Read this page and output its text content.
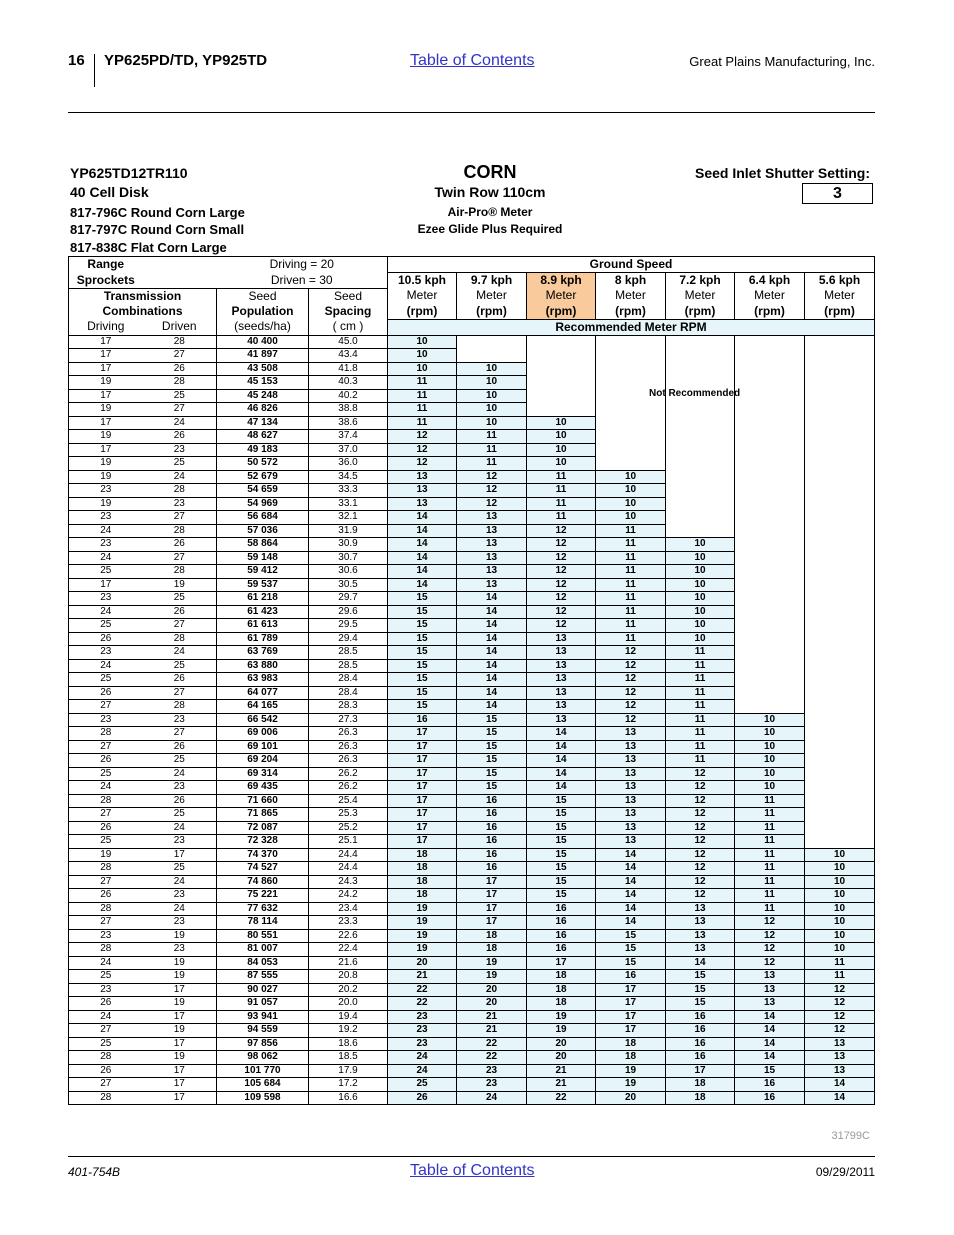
16 YP625PD/TD, YP925TD	Table of Contents	Great Plains Manufacturing, Inc.
YP625TD12TR110
40 Cell Disk
817-796C Round Corn Large
817-797C Round Corn Small
817-838C Flat Corn Large
CORN
Twin Row 110cm
Air-Pro® Meter
Ezee Glide Plus Required
Seed Inlet Shutter Setting:
3
Range		Driving = 20		Ground Speed						
Sprockets		Driven = 30		10.5 kph	9.7 kph	8.9 kph	8 kph	7.2 kph	6.4 kph	5.6 kph
Transmission		Seed	Seed	Meter	Meter	Meter	Meter	Meter	Meter	Meter
Combinations		Population	Spacing	(rpm)	(rpm)	(rpm)	(rpm)	(rpm)	(rpm)	(rpm)
Driving	Driven	(seeds/ha)	( cm )	Recommended Meter RPM						
17	28	40 400	45.0	10						
17	27	41 897	43.4	10						
17	26	43 508	41.8	10	10					
19	28	45 153	40.3	11	10					
17	25	45 248	40.2	11	10					
19	27	46 826	38.8	11	10					
17	24	47 134	38.6	11	10	10				
19	26	48 627	37.4	12	11	10				
17	23	49 183	37.0	12	11	10				
19	25	50 572	36.0	12	11	10				
19	24	52 679	34.5	13	12	11	10			
23	28	54 659	33.3	13	12	11	10			
19	23	54 969	33.1	13	12	11	10			
23	27	56 684	32.1	14	13	11	10			
24	28	57 036	31.9	14	13	12	11			
23	26	58 864	30.9	14	13	12	11	10		
24	27	59 148	30.7	14	13	12	11	10		
25	28	59 412	30.6	14	13	12	11	10		
17	19	59 537	30.5	14	13	12	11	10		
23	25	61 218	29.7	15	14	12	11	10		
24	26	61 423	29.6	15	14	12	11	10		
25	27	61 613	29.5	15	14	12	11	10		
26	28	61 789	29.4	15	14	13	11	10		
23	24	63 769	28.5	15	14	13	12	11		
24	25	63 880	28.5	15	14	13	12	11		
25	26	63 983	28.4	15	14	13	12	11		
26	27	64 077	28.4	15	14	13	12	11		
27	28	64 165	28.3	15	14	13	12	11		
23	23	66 542	27.3	16	15	13	12	11	10	
28	27	69 006	26.3	17	15	14	13	11	10	
27	26	69 101	26.3	17	15	14	13	11	10	
26	25	69 204	26.3	17	15	14	13	11	10	
25	24	69 314	26.2	17	15	14	13	12	10	
24	23	69 435	26.2	17	15	14	13	12	10	
28	26	71 660	25.4	17	16	15	13	12	11	
27	25	71 865	25.3	17	16	15	13	12	11	
26	24	72 087	25.2	17	16	15	13	12	11	
25	23	72 328	25.1	17	16	15	13	12	11	
19	17	74 370	24.4	18	16	15	14	12	11	10
28	25	74 527	24.4	18	16	15	14	12	11	10
27	24	74 860	24.3	18	17	15	14	12	11	10
26	23	75 221	24.2	18	17	15	14	12	11	10
28	24	77 632	23.4	19	17	16	14	13	11	10
27	23	78 114	23.3	19	17	16	14	13	12	10
23	19	80 551	22.6	19	18	16	15	13	12	10
28	23	81 007	22.4	19	18	16	15	13	12	10
24	19	84 053	21.6	20	19	17	15	14	12	11
25	19	87 555	20.8	21	19	18	16	15	13	11
23	17	90 027	20.2	22	20	18	17	15	13	12
26	19	91 057	20.0	22	20	18	17	15	13	12
24	17	93 941	19.4	23	21	19	17	16	14	12
27	19	94 559	19.2	23	21	19	17	16	14	12
25	17	97 856	18.6	23	22	20	18	16	14	13
28	19	98 062	18.5	24	22	20	18	16	14	13
26	17	101 770	17.9	24	23	21	19	17	15	13
27	17	105 684	17.2	25	23	21	19	18	16	14
28	17	109 598	16.6	26	24	22	20	18	16	14
Not Recommended
31799C
401-754B	Table of Contents	09/29/2011
